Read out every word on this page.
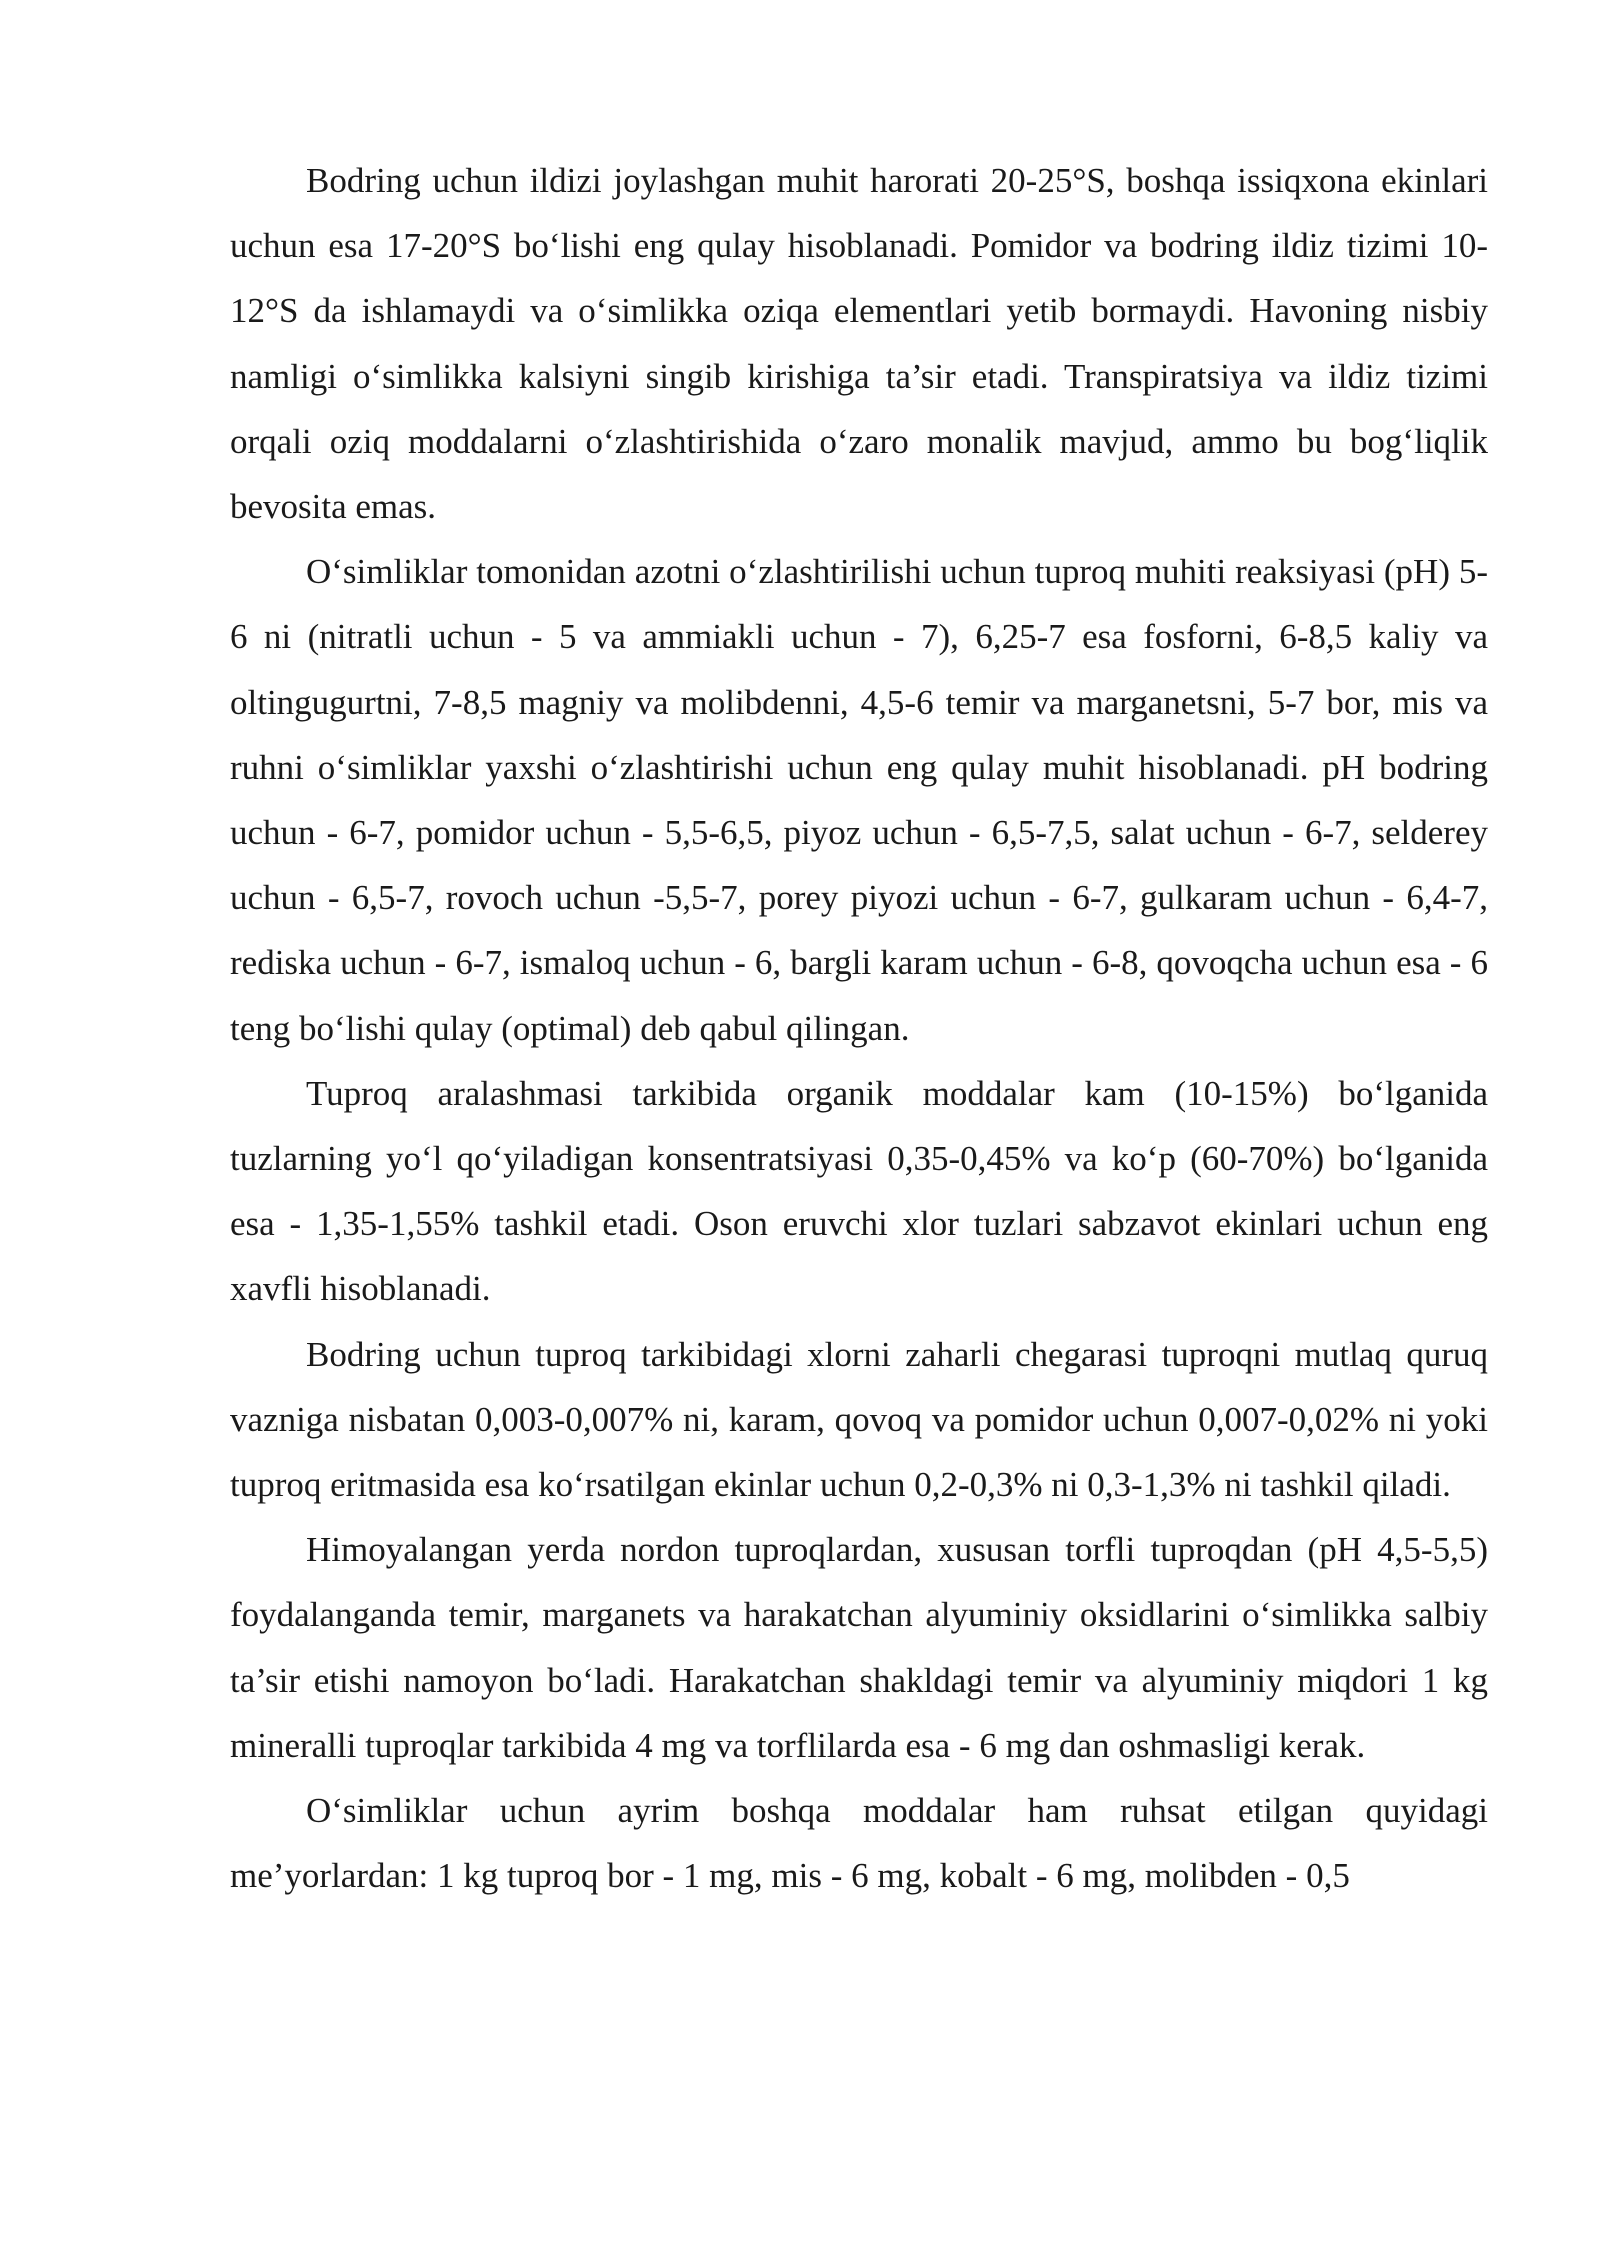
Bodring uchun ildizi joylashgan muhit harorati 20-25°S, boshqa issiqxona ekinlari uchun esa 17-20°S bo‘lishi eng qulay hisoblanadi. Pomidor va bodring ildiz tizimi 10-12°S da ishlamaydi va o‘simlikka oziqa elementlari yetib bormaydi. Havoning nisbiy namligi o‘simlikka kalsiyni singib kirishiga ta’sir etadi. Transpiratsiya va ildiz tizimi orqali oziq moddalarni o‘zlashtirishida o‘zaro monalik mavjud, ammo bu bog‘liqlik bevosita emas.

O‘simliklar tomonidan azotni o‘zlashtirilishi uchun tuproq muhiti reaksiyasi (pH) 5-6 ni (nitratli uchun - 5 va ammiakli uchun - 7), 6,25-7 esa fosforni, 6-8,5 kaliy va oltingugurtni, 7-8,5 magniy va molibdenni, 4,5-6 temir va marganetsni, 5-7 bor, mis va ruhni o‘simliklar yaxshi o‘zlashtirishi uchun eng qulay muhit hisoblanadi. pH bodring uchun - 6-7, pomidor uchun - 5,5-6,5, piyoz uchun - 6,5-7,5, salat uchun - 6-7, selderey uchun - 6,5-7, rovoch uchun -5,5-7, porey piyozi uchun - 6-7, gulkaram uchun - 6,4-7, rediska uchun - 6-7, ismaloq uchun - 6, bargli karam uchun - 6-8, qovoqcha uchun esa - 6 teng bo‘lishi qulay (optimal) deb qabul qilingan.

Tuproq aralashmasi tarkibida organik moddalar kam (10-15%) bo‘lganida tuzlarning yo‘l qo‘yiladigan konsentratsiyasi 0,35-0,45% va ko‘p (60-70%) bo‘lganida esa - 1,35-1,55% tashkil etadi. Oson eruvchi xlor tuzlari sabzavot ekinlari uchun eng xavfli hisoblanadi.

Bodring uchun tuproq tarkibidagi xlorni zaharli chegarasi tuproqni mutlaq quruq vazniga nisbatan 0,003-0,007% ni, karam, qovoq va pomidor uchun 0,007-0,02% ni yoki tuproq eritmasida esa ko‘rsatilgan ekinlar uchun 0,2-0,3% ni 0,3-1,3% ni tashkil qiladi.

Himoyalangan yerda nordon tuproqlardan, xususan torfli tuproqdan (pH 4,5-5,5) foydalanganda temir, marganets va harakatchan alyuminiy oksidlarini o‘simlikka salbiy ta’sir etishi namoyon bo‘ladi. Harakatchan shakldagi temir va alyuminiy miqdori 1 kg mineralli tuproqlar tarkibida 4 mg va torflilarda esa - 6 mg dan oshmasligi kerak.

O‘simliklar uchun ayrim boshqa moddalar ham ruhsat etilgan quyidagi me’yorlardan: 1 kg tuproq bor - 1 mg, mis - 6 mg, kobalt - 6 mg, molibden - 0,5
